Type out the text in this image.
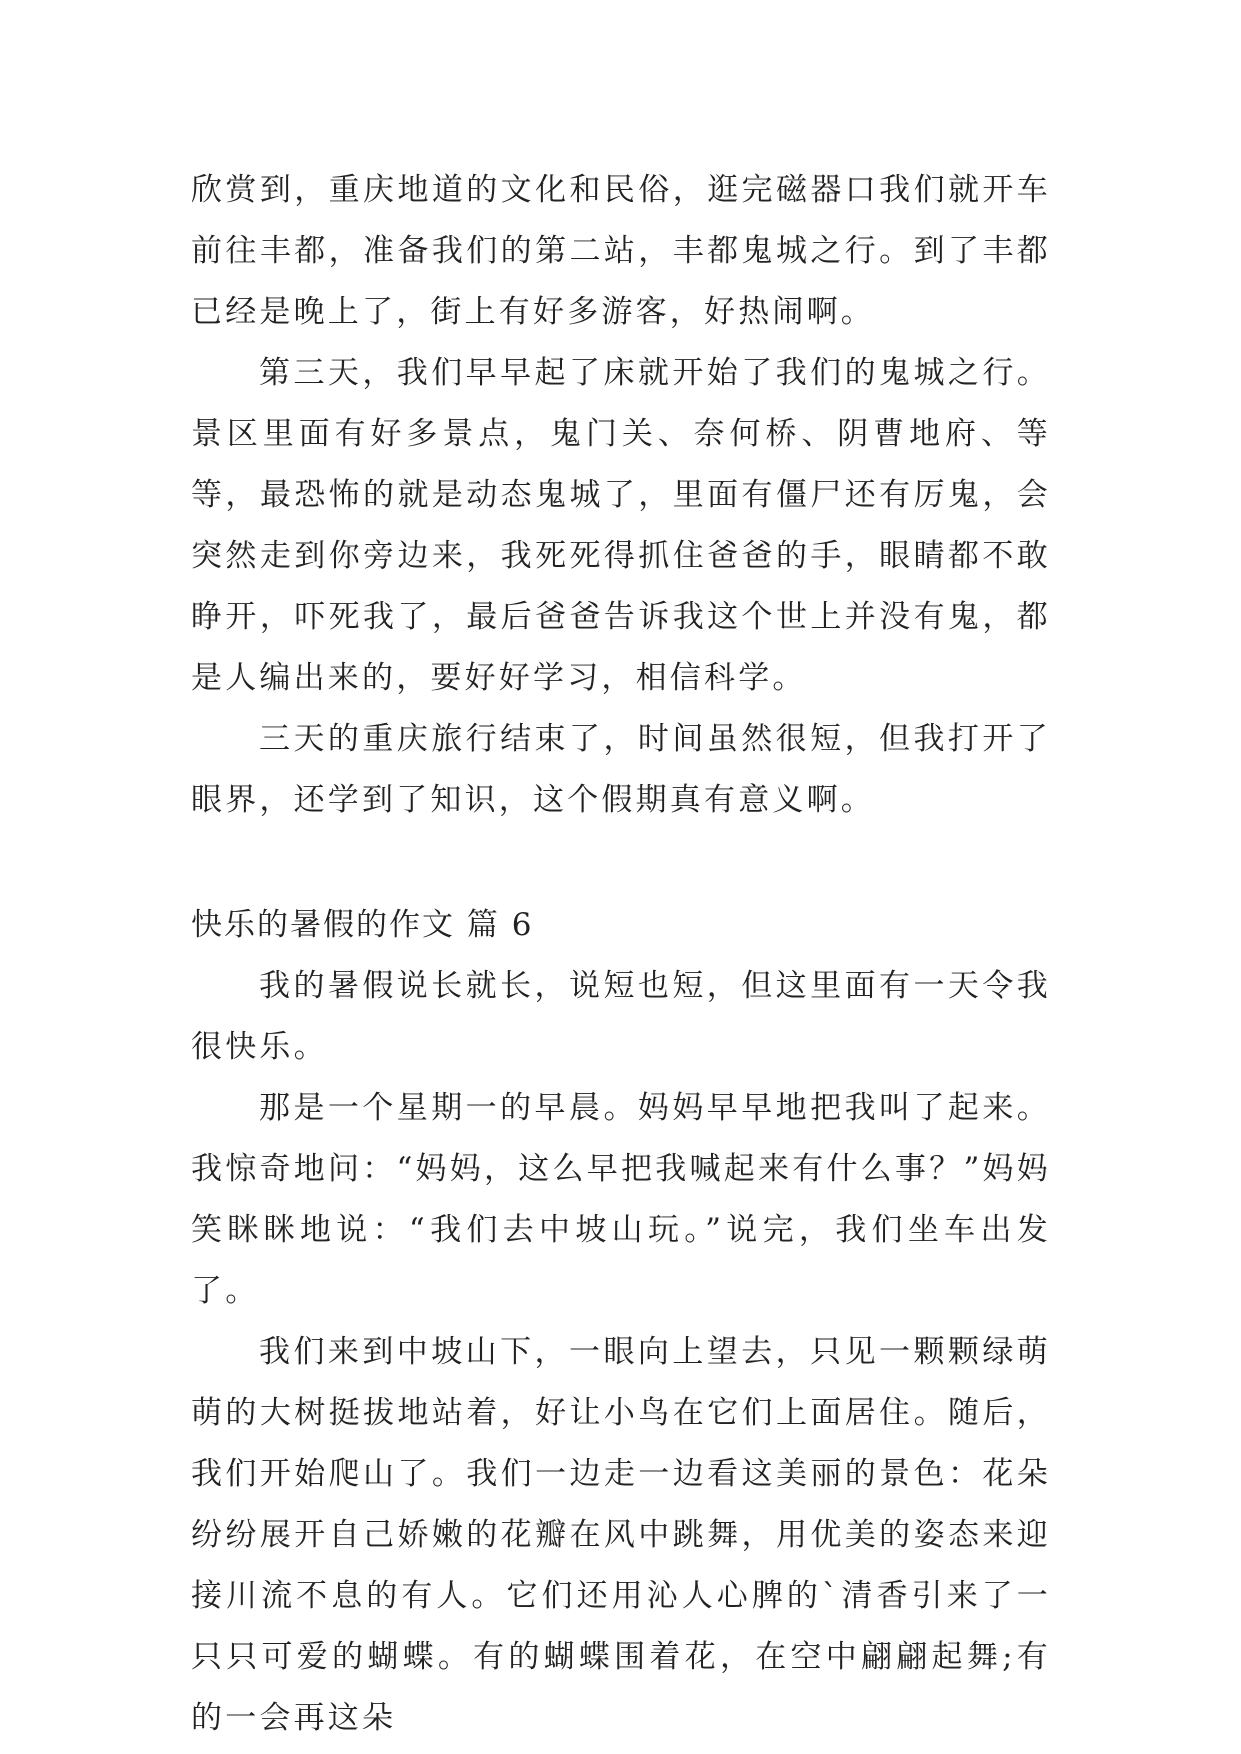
欣赏到，重庆地道的文化和民俗，逛完磁器口我们就开车前往丰都，准备我们的第二站，丰都鬼城之行。到了丰都已经是晚上了，街上有好多游客，好热闹啊。

第三天，我们早早起了床就开始了我们的鬼城之行。景区里面有好多景点，鬼门关、奈何桥、阴曹地府、等等，最恐怖的就是动态鬼城了，里面有僵尸还有厉鬼，会突然走到你旁边来，我死死得抓住爸爸的手，眼睛都不敢睁开，吓死我了，最后爸爸告诉我这个世上并没有鬼，都是人编出来的，要好好学习，相信科学。

三天的重庆旅行结束了，时间虽然很短，但我打开了眼界，还学到了知识，这个假期真有意义啊。

快乐的暑假的作文 篇 6

我的暑假说长就长，说短也短，但这里面有一天令我很快乐。

那是一个星期一的早晨。妈妈早早地把我叫了起来。我惊奇地问：“妈妈，这么早把我喊起来有什么事？”妈妈笑眯眯地说：“我们去中坡山玩。”说完，我们坐车出发了。

我们来到中坡山下，一眼向上望去，只见一颗颗绿萌萌的大树挺拔地站着，好让小鸟在它们上面居住。随后，我们开始爬山了。我们一边走一边看这美丽的景色：花朵纷纷展开自己娇嫩的花瓣在风中跳舞，用优美的姿态来迎接川流不息的有人。它们还用沁人心脾的`清香引来了一只只可爱的蝴蝶。有的蝴蝶围着花，在空中翩翩起舞;有的一会再这朵
